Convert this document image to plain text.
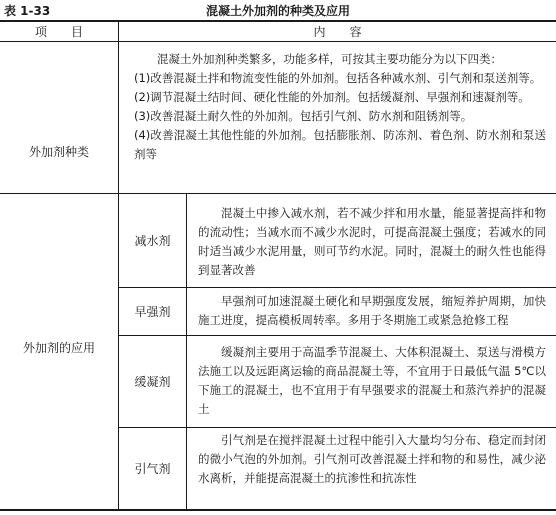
表 1-33	混凝土外加剂的种类及应用
项　　目	内　　容
外加剂种类
混凝土外加剂种类繁多，功能多样，可按其主要功能分为以下四类：
(1)改善混凝土拌和物流变性能的外加剂。包括各种减水剂、引气剂和泵送剂等。
(2)调节混凝土结时间、硬化性能的外加剂。包括缓凝剂、早强剂和速凝剂等。
(3)改善混凝土耐久性的外加剂。包括引气剂、防水剂和阻锈剂等。
(4)改善混凝土其他性能的外加剂。包括膨胀剂、防冻剂、着色剂、防水剂和泵送剂等
外加剂的应用
减水剂
混凝土中掺入减水剂，若不减少拌和用水量，能显著提高拌和物的流动性；当减水而不减少水泥时，可提高混凝土强度；若减水的同时适当减少水泥用量，则可节约水泥。同时，混凝土的耐久性也能得到显著改善
早强剂
早强剂可加速混凝土硬化和早期强度发展，缩短养护周期，加快施工进度，提高模板周转率。多用于冬期施工或紧急抢修工程
缓凝剂
缓凝剂主要用于高温季节混凝土、大体积混凝土、泵送与滑模方法施工以及远距离运输的商品混凝土等，不宜用于日最低气温 5℃以下施工的混凝土，也不宜用于有早强要求的混凝土和蒸汽养护的混凝土
引气剂
引气剂是在搅拌混凝土过程中能引入大量均匀分布、稳定而封闭的微小气泡的外加剂。引气剂可改善混凝土拌和物的和易性，减少泌水离析，并能提高混凝土的抗渗性和抗冻性
